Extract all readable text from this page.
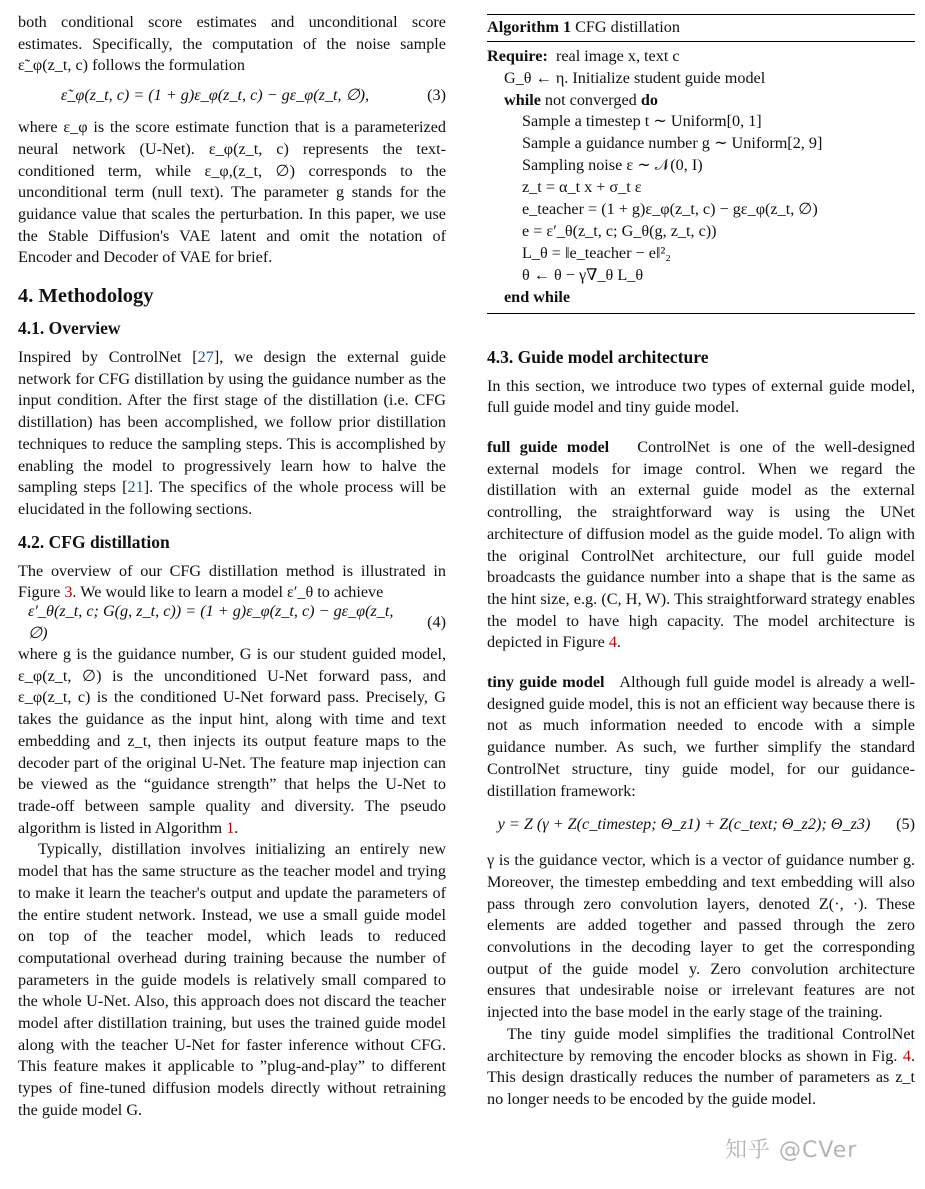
both conditional score estimates and unconditional score estimates. Specifically, the computation of the noise sample ε̃_φ(z_t, c) follows the formulation

ε̃_φ(z_t, c) = (1 + g)ε_φ(z_t, c) − gε_φ(z_t, ∅),	(3)

where ε_φ is the score estimate function that is a parameterized neural network (U-Net). ε_φ(z_t, c) represents the text-conditioned term, while ε_φ,(z_t, ∅) corresponds to the unconditional term (null text). The parameter g stands for the guidance value that scales the perturbation. In this paper, we use the Stable Diffusion's VAE latent and omit the notation of Encoder and Decoder of VAE for brief.

4. Methodology
4.1. Overview

Inspired by ControlNet [27], we design the external guide network for CFG distillation by using the guidance number as the input condition. After the first stage of the distillation (i.e. CFG distillation) has been accomplished, we follow prior distillation techniques to reduce the sampling steps. This is accomplished by enabling the model to progressively learn how to halve the sampling steps [21]. The specifics of the whole process will be elucidated in the following sections.

4.2. CFG distillation

The overview of our CFG distillation method is illustrated in Figure 3. We would like to learn a model ε′_θ to achieve

ε′_θ(z_t, c; G(g, z_t, c)) = (1 + g)ε_φ(z_t, c) − gε_φ(z_t, ∅)
(4)

where g is the guidance number, G is our student guided model, ε_φ(z_t, ∅) is the unconditioned U-Net forward pass, and ε_φ(z_t, c) is the conditioned U-Net forward pass. Precisely, G takes the guidance as the input hint, along with time and text embedding and z_t, then injects its output feature maps to the decoder part of the original U-Net. The feature map injection can be viewed as the “guidance strength” that helps the U-Net to trade-off between sample quality and diversity. The pseudo algorithm is listed in Algorithm 1.

Typically, distillation involves initializing an entirely new model that has the same structure as the teacher model and trying to make it learn the teacher's output and update the parameters of the entire student network. Instead, we use a small guide model on top of the teacher model, which leads to reduced computational overhead during training because the number of parameters in the guide models is relatively small compared to the whole U-Net. Also, this approach does not discard the teacher model after distillation training, but uses the trained guide model along with the teacher U-Net for faster inference without CFG. This feature makes it applicable to ”plug-and-play” to different types of fine-tuned diffusion models directly without retraining the guide model G.

Algorithm 1 CFG distillation
Require: real image x, text c
G_θ ← η. Initialize student guide model
while not converged do
Sample a timestep t ∼ Uniform[0, 1]
Sample a guidance number g ∼ Uniform[2, 9]
Sampling noise ε ∼ 𝒩(0, I)
z_t = α_t x + σ_t ε
e_teacher = (1 + g)ε_φ(z_t, c) − gε_φ(z_t, ∅)
e = ε′_θ(z_t, c; G_θ(g, z_t, c))
L_θ = ‖e_teacher − e‖²₂
θ ← θ − γ∇_θ L_θ
end while
4.3. Guide model architecture

In this section, we introduce two types of external guide model, full guide model and tiny guide model.

full guide model ControlNet is one of the well-designed external models for image control. When we regard the distillation with an external guide model as the external controlling, the straightforward way is using the UNet architecture of diffusion model as the guide model. To align with the original ControlNet architecture, our full guide model broadcasts the guidance number into a shape that is the same as the hint size, e.g. (C, H, W). This straightforward strategy enables the model to have high capacity. The model architecture is depicted in Figure 4.

tiny guide model Although full guide model is already a well-designed guide model, this is not an efficient way because there is not as much information needed to encode with a simple guidance number. As such, we further simplify the standard ControlNet structure, tiny guide model, for our guidance-distillation framework:

y = Z (γ + Z(c_timestep; Θ_z1) + Z(c_text; Θ_z2); Θ_z3)	(5)

γ is the guidance vector, which is a vector of guidance number g. Moreover, the timestep embedding and text embedding will also pass through zero convolution layers, denoted Z(·, ·). These elements are added together and passed through the zero convolutions in the decoding layer to get the corresponding output of the guide model y. Zero convolution architecture ensures that undesirable noise or irrelevant features are not injected into the base model in the early stage of the training.

The tiny guide model simplifies the traditional ControlNet architecture by removing the encoder blocks as shown in Fig. 4. This design drastically reduces the number of parameters as z_t no longer needs to be encoded by the guide model.

知乎 @CVer
